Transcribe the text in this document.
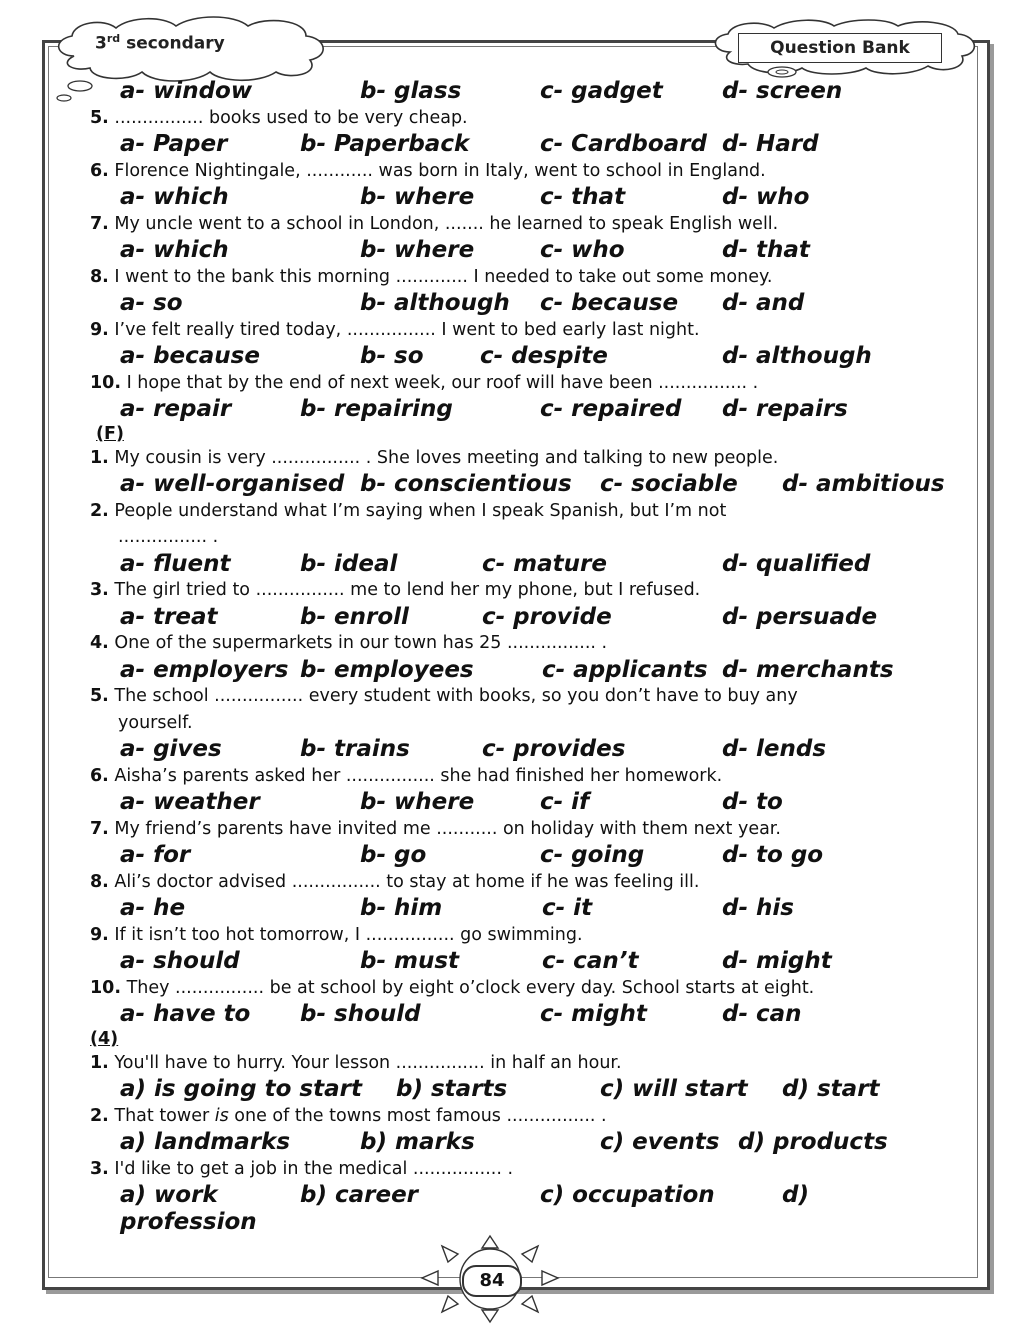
3rd secondary	Question Bank
a- window	b- glass	c- gadget	d- screen
5. ................ books used to be very cheap.
a- Paper	b- Paperback	c- Cardboard d- Hard
6. Florence Nightingale, ............ was born in Italy, went to school in England.
a- which	b- where	c- that	d- who
7. My uncle went to a school in London, ....... he learned to speak English well.
a- which	b- where	c- who	d- that
8. I went to the bank this morning ............. I needed to take out some money.
a- so	b- although c- because d- and
9. I’ve felt really tired today, ................ I went to bed early last night.
a- because	b- so c- despite	d- although
10. I hope that by the end of next week, our roof will have been ................ .
a- repair	b- repairing	c- repaired d- repairs
(F)
1. My cousin is very ................ . She loves meeting and talking to new people.
a- well-organised b- conscientious c- sociable d- ambitious
2. People understand what I’m saying when I speak Spanish, but I’m not
................ .
a- fluent	b- ideal	c- mature	d- qualified
3. The girl tried to ................ me to lend her my phone, but I refused.
a- treat	b- enroll	c- provide	d- persuade
4. One of the supermarkets in our town has 25 ................ .
a- employers b- employees	c- applicants d- merchants
5. The school ................ every student with books, so you don’t have to buy any
yourself.
a- gives	b- trains	c- provides	d- lends
6. Aisha’s parents asked her ................ she had finished her homework.
a- weather	b- where	c- if	d- to
7. My friend’s parents have invited me ........... on holiday with them next year.
a- for	b- go	c- going	d- to go
8. Ali’s doctor advised ................ to stay at home if he was feeling ill.
a- he	b- him	c- it	d- his
9. If it isn’t too hot tomorrow, I ................ go swimming.
a- should	b- must	c- can’t	d- might
10. They ................ be at school by eight o’clock every day. School starts at eight.
a- have to b- should	c- might	d- can
(4)
1. You'll have to hurry. Your lesson ................ in half an hour.
a) is going to start b) starts	c) will start d) start
2. That tower is one of the towns most famous ................ .
a) landmarks	b) marks	c) events d) products
3. I'd like to get a job in the medical ................ .
a) work	b) career	c) occupation	d)
profession
84
